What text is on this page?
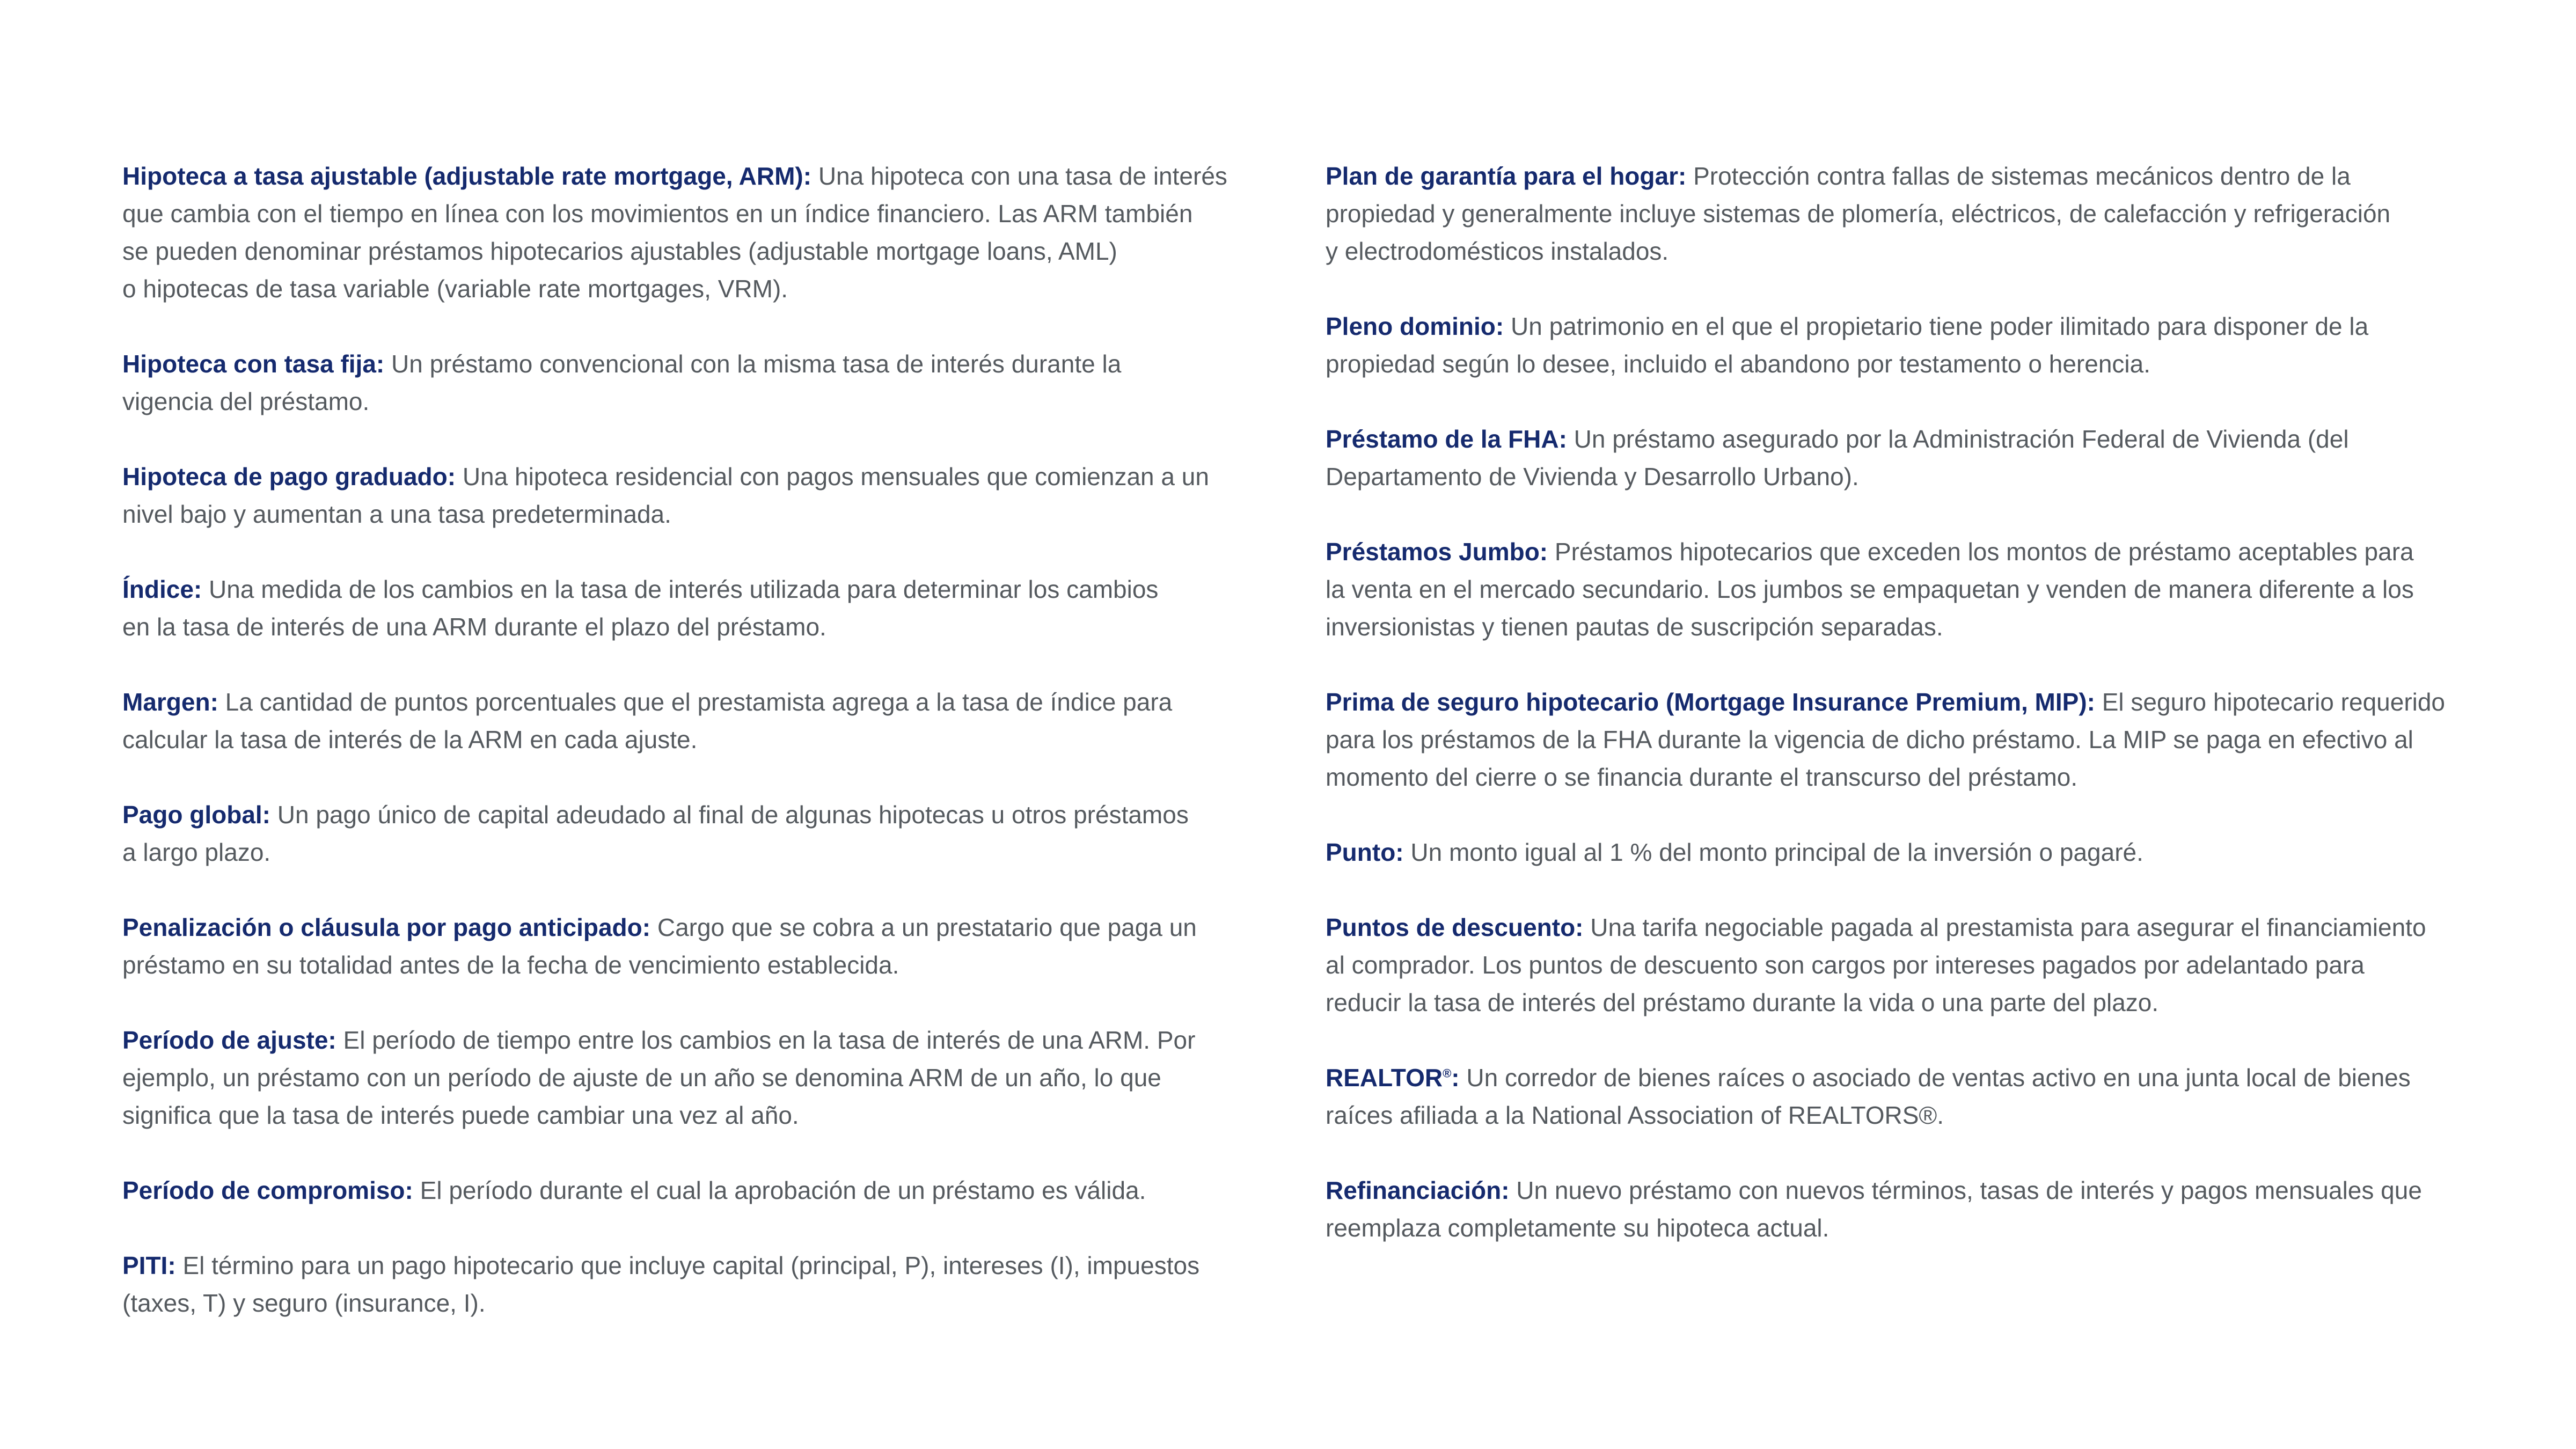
Hipoteca a tasa ajustable (adjustable rate mortgage, ARM): Una hipoteca con una tasa de interés
que cambia con el tiempo en línea con los movimientos en un índice financiero. Las ARM también
se pueden denominar préstamos hipotecarios ajustables (adjustable mortgage loans, AML)
o hipotecas de tasa variable (variable rate mortgages, VRM).

Hipoteca con tasa fija: Un préstamo convencional con la misma tasa de interés durante la
vigencia del préstamo.

Hipoteca de pago graduado: Una hipoteca residencial con pagos mensuales que comienzan a un
nivel bajo y aumentan a una tasa predeterminada.

Índice: Una medida de los cambios en la tasa de interés utilizada para determinar los cambios
en la tasa de interés de una ARM durante el plazo del préstamo.

Margen: La cantidad de puntos porcentuales que el prestamista agrega a la tasa de índice para
calcular la tasa de interés de la ARM en cada ajuste.

Pago global: Un pago único de capital adeudado al final de algunas hipotecas u otros préstamos
a largo plazo.

Penalización o cláusula por pago anticipado: Cargo que se cobra a un prestatario que paga un
préstamo en su totalidad antes de la fecha de vencimiento establecida.

Período de ajuste: El período de tiempo entre los cambios en la tasa de interés de una ARM. Por
ejemplo, un préstamo con un período de ajuste de un año se denomina ARM de un año, lo que
significa que la tasa de interés puede cambiar una vez al año.

Período de compromiso: El período durante el cual la aprobación de un préstamo es válida.

PITI: El término para un pago hipotecario que incluye capital (principal, P), intereses (I), impuestos
(taxes, T) y seguro (insurance, I).

Plan de garantía para el hogar: Protección contra fallas de sistemas mecánicos dentro de la
propiedad y generalmente incluye sistemas de plomería, eléctricos, de calefacción y refrigeración
y electrodomésticos instalados.

Pleno dominio: Un patrimonio en el que el propietario tiene poder ilimitado para disponer de la
propiedad según lo desee, incluido el abandono por testamento o herencia.

Préstamo de la FHA: Un préstamo asegurado por la Administración Federal de Vivienda (del
Departamento de Vivienda y Desarrollo Urbano).

Préstamos Jumbo: Préstamos hipotecarios que exceden los montos de préstamo aceptables para
la venta en el mercado secundario. Los jumbos se empaquetan y venden de manera diferente a los
inversionistas y tienen pautas de suscripción separadas.

Prima de seguro hipotecario (Mortgage Insurance Premium, MIP): El seguro hipotecario requerido
para los préstamos de la FHA durante la vigencia de dicho préstamo. La MIP se paga en efectivo al
momento del cierre o se financia durante el transcurso del préstamo.

Punto: Un monto igual al 1 % del monto principal de la inversión o pagaré.

Puntos de descuento: Una tarifa negociable pagada al prestamista para asegurar el financiamiento
al comprador. Los puntos de descuento son cargos por intereses pagados por adelantado para
reducir la tasa de interés del préstamo durante la vida o una parte del plazo.

REALTOR®: Un corredor de bienes raíces o asociado de ventas activo en una junta local de bienes
raíces afiliada a la National Association of REALTORS®.

Refinanciación: Un nuevo préstamo con nuevos términos, tasas de interés y pagos mensuales que
reemplaza completamente su hipoteca actual.
